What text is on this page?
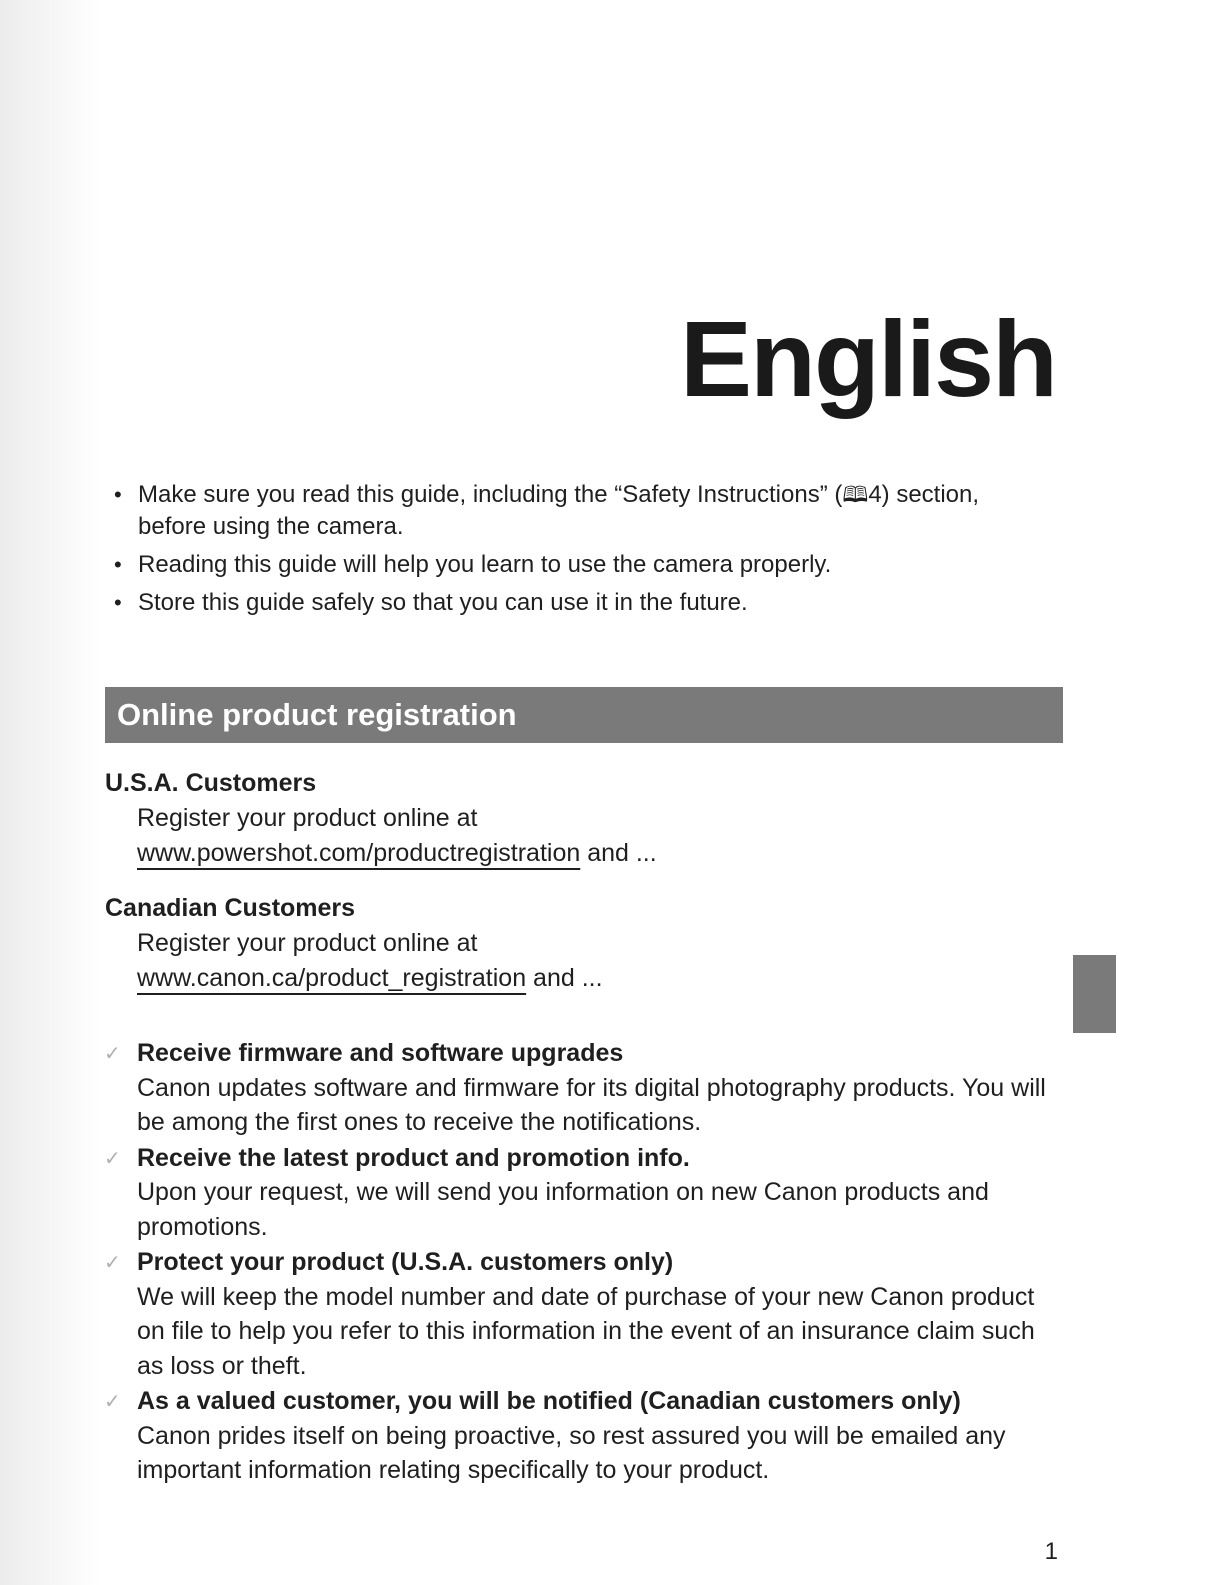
English
• Make sure you read this guide, including the “Safety Instructions” (🕮4) section, before using the camera.
• Reading this guide will help you learn to use the camera properly.
• Store this guide safely so that you can use it in the future.
Online product registration
U.S.A. Customers
Register your product online at
www.powershot.com/productregistration and ...
Canadian Customers
Register your product online at
www.canon.ca/product_registration and ...
✓ Receive firmware and software upgrades
Canon updates software and firmware for its digital photography products. You will be among the first ones to receive the notifications.
✓ Receive the latest product and promotion info.
Upon your request, we will send you information on new Canon products and promotions.
✓ Protect your product (U.S.A. customers only)
We will keep the model number and date of purchase of your new Canon product on file to help you refer to this information in the event of an insurance claim such as loss or theft.
✓ As a valued customer, you will be notified (Canadian customers only)
Canon prides itself on being proactive, so rest assured you will be emailed any important information relating specifically to your product.
1
